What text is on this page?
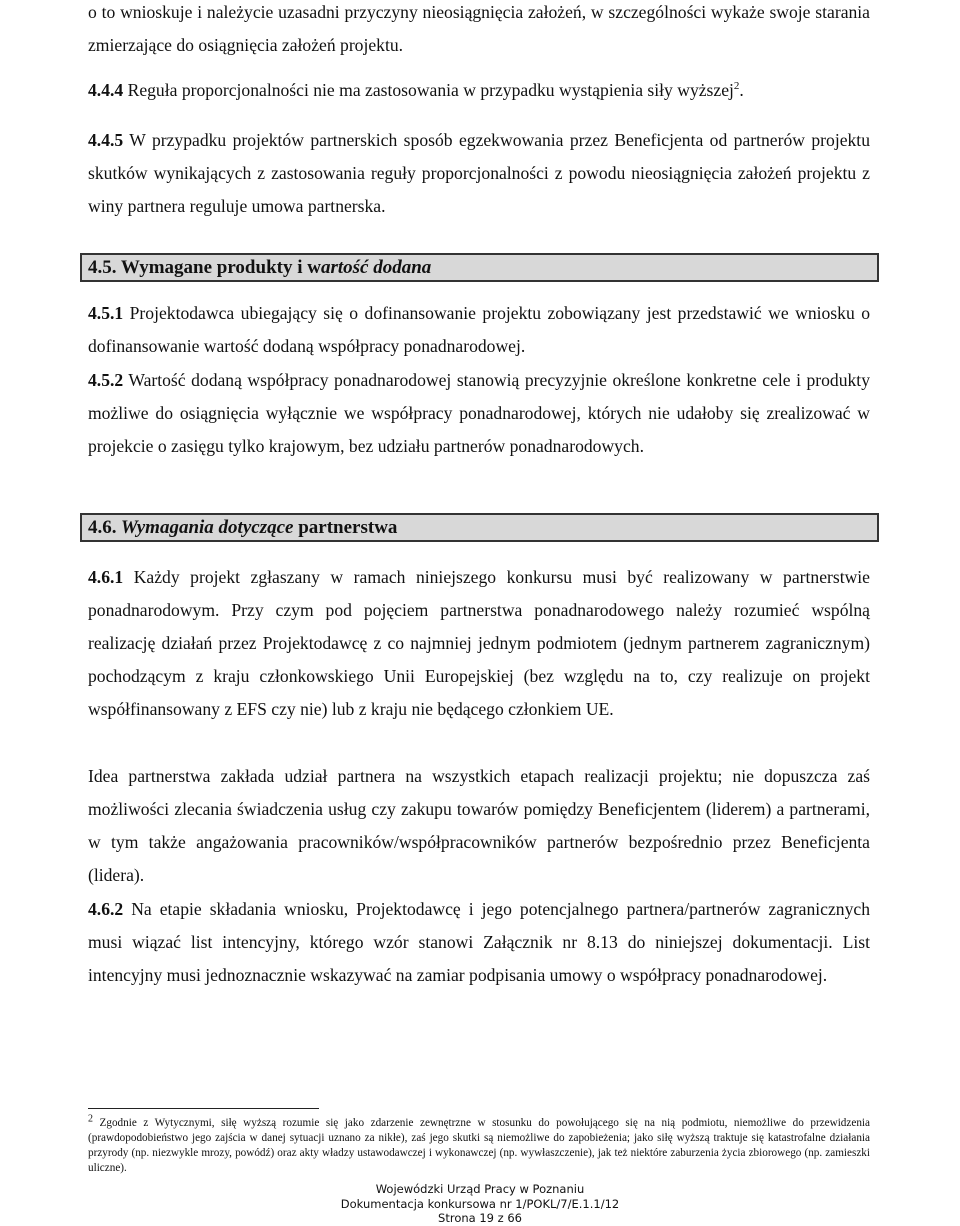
o to wnioskuje i należycie uzasadni przyczyny nieosiągnięcia założeń, w szczególności wykaże swoje starania zmierzające do osiągnięcia założeń projektu.

4.4.4 Reguła proporcjonalności nie ma zastosowania w przypadku wystąpienia siły wyższej$^2$.

4.4.5 W przypadku projektów partnerskich sposób egzekwowania przez Beneficjenta od partnerów projektu skutków wynikających z zastosowania reguły proporcjonalności z powodu nieosiągnięcia założeń projektu z winy partnera reguluje umowa partnerska.

4.5. Wymagane produkty i wartość dodana

4.5.1 Projektodawca ubiegający się o dofinansowanie projektu zobowiązany jest przedstawić we wniosku o dofinansowanie wartość dodaną współpracy ponadnarodowej.

4.5.2 Wartość dodaną współpracy ponadnarodowej stanowią precyzyjnie określone konkretne cele i produkty możliwe do osiągnięcia wyłącznie we współpracy ponadnarodowej, których nie udałoby się zrealizować w projekcie o zasięgu tylko krajowym, bez udziału partnerów ponadnarodowych.

4.6. Wymagania dotyczące partnerstwa

4.6.1 Każdy projekt zgłaszany w ramach niniejszego konkursu musi być realizowany w partnerstwie ponadnarodowym. Przy czym pod pojęciem partnerstwa ponadnarodowego należy rozumieć wspólną realizację działań przez Projektodawcę z co najmniej jednym podmiotem (jednym partnerem zagranicznym) pochodzącym z kraju członkowskiego Unii Europejskiej (bez względu na to, czy realizuje on projekt współfinansowany z EFS czy nie) lub z kraju nie będącego członkiem UE.

Idea partnerstwa zakłada udział partnera na wszystkich etapach realizacji projektu; nie dopuszcza zaś możliwości zlecania świadczenia usług czy zakupu towarów pomiędzy Beneficjentem (liderem) a partnerami, w tym także angażowania pracowników/współpracowników partnerów bezpośrednio przez Beneficjenta (lidera).

4.6.2 Na etapie składania wniosku, Projektodawcę i jego potencjalnego partnera/partnerów zagranicznych musi wiązać list intencyjny, którego wzór stanowi Załącznik nr 8.13 do niniejszej dokumentacji. List intencyjny musi jednoznacznie wskazywać na zamiar podpisania umowy o współpracy ponadnarodowej.

$^2$ Zgodnie z Wytycznymi, siłę wyższą rozumie się jako zdarzenie zewnętrzne w stosunku do powołującego się na nią podmiotu, niemożliwe do przewidzenia (prawdopodobieństwo jego zajścia w danej sytuacji uznano za nikłe), zaś jego skutki są niemożliwe do zapobieżenia; jako siłę wyższą traktuje się katastrofalne działania przyrody (np. niezwykle mrozy, powódź) oraz akty władzy ustawodawczej i wykonawczej (np. wywłaszczenie), jak też niektóre zaburzenia życia zbiorowego (np. zamieszki uliczne).

Wojewódzki Urząd Pracy w Poznaniu
Dokumentacja konkursowa nr 1/POKL/7/E.1.1/12
Strona 19 z 66
